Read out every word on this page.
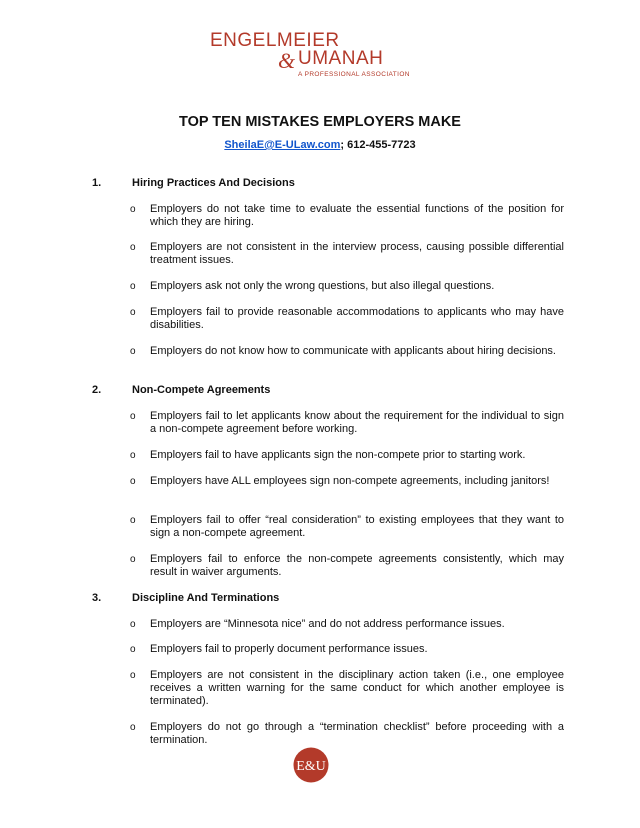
ENGELMEIER
& UMANAH
A PROFESSIONAL ASSOCIATION
TOP TEN MISTAKES EMPLOYERS MAKE
SheilaE@E-ULaw.com; 612-455-7723
1.	Hiring Practices And Decisions
o Employers do not take time to evaluate the essential functions of the position for which they are hiring.
o Employers are not consistent in the interview process, causing possible differential treatment issues.
o Employers ask not only the wrong questions, but also illegal questions.
o Employers fail to provide reasonable accommodations to applicants who may have disabilities.
o Employers do not know how to communicate with applicants about hiring decisions.
2.	Non-Compete Agreements
o Employers fail to let applicants know about the requirement for the individual to sign a non-compete agreement before working.
o Employers fail to have applicants sign the non-compete prior to starting work.
o Employers have ALL employees sign non-compete agreements, including janitors!
o Employers fail to offer “real consideration” to existing employees that they want to sign a non-compete agreement.
o Employers fail to enforce the non-compete agreements consistently, which may result in waiver arguments.
3.	Discipline And Terminations
o Employers are “Minnesota nice” and do not address performance issues.
o Employers fail to properly document performance issues.
o Employers are not consistent in the disciplinary action taken (i.e., one employee receives a written warning for the same conduct for which another employee is terminated).
o Employers do not go through a “termination checklist” before proceeding with a termination.
E&U
